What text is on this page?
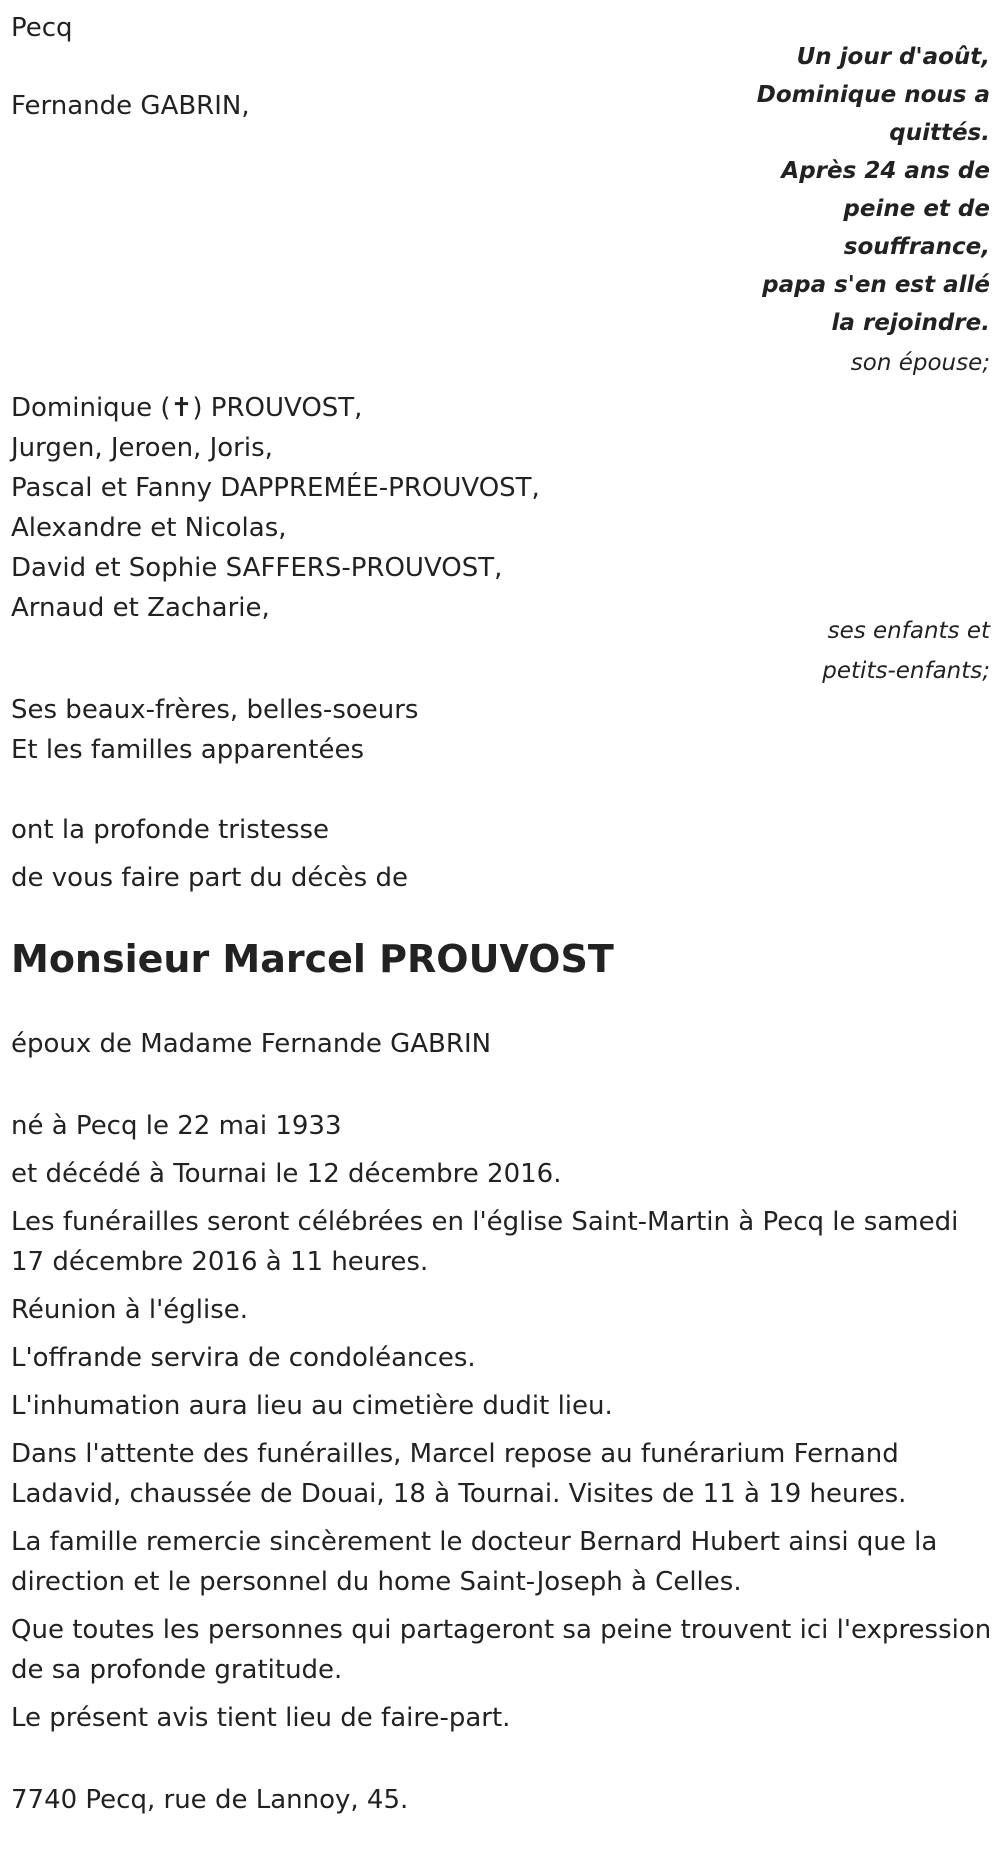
Pecq
Fernande GABRIN,
Un jour d'août,
Dominique nous a
quittés.
Après 24 ans de
peine et de
souffrance,
papa s'en est allé
la rejoindre.
son épouse;
Dominique (✝) PROUVOST,
Jurgen, Jeroen, Joris,
Pascal et Fanny DAPPREMÉE-PROUVOST,
Alexandre et Nicolas,
David et Sophie SAFFERS-PROUVOST,
Arnaud et Zacharie,
ses enfants et
petits-enfants;
Ses beaux-frères, belles-soeurs
Et les familles apparentées
ont la profonde tristesse
de vous faire part du décès de
Monsieur Marcel PROUVOST
époux de Madame Fernande GABRIN
né à Pecq le 22 mai 1933
et décédé à Tournai le 12 décembre 2016.
Les funérailles seront célébrées en l'église Saint-Martin à Pecq le samedi 17 décembre 2016 à 11 heures.
Réunion à l'église.
L'offrande servira de condoléances.
L'inhumation aura lieu au cimetière dudit lieu.
Dans l'attente des funérailles, Marcel repose au funérarium Fernand Ladavid, chaussée de Douai, 18 à Tournai. Visites de 11 à 19 heures.
La famille remercie sincèrement le docteur Bernard Hubert ainsi que la direction et le personnel du home Saint-Joseph à Celles.
Que toutes les personnes qui partageront sa peine trouvent ici l'expression de sa profonde gratitude.
Le présent avis tient lieu de faire-part.
7740 Pecq, rue de Lannoy, 45.
